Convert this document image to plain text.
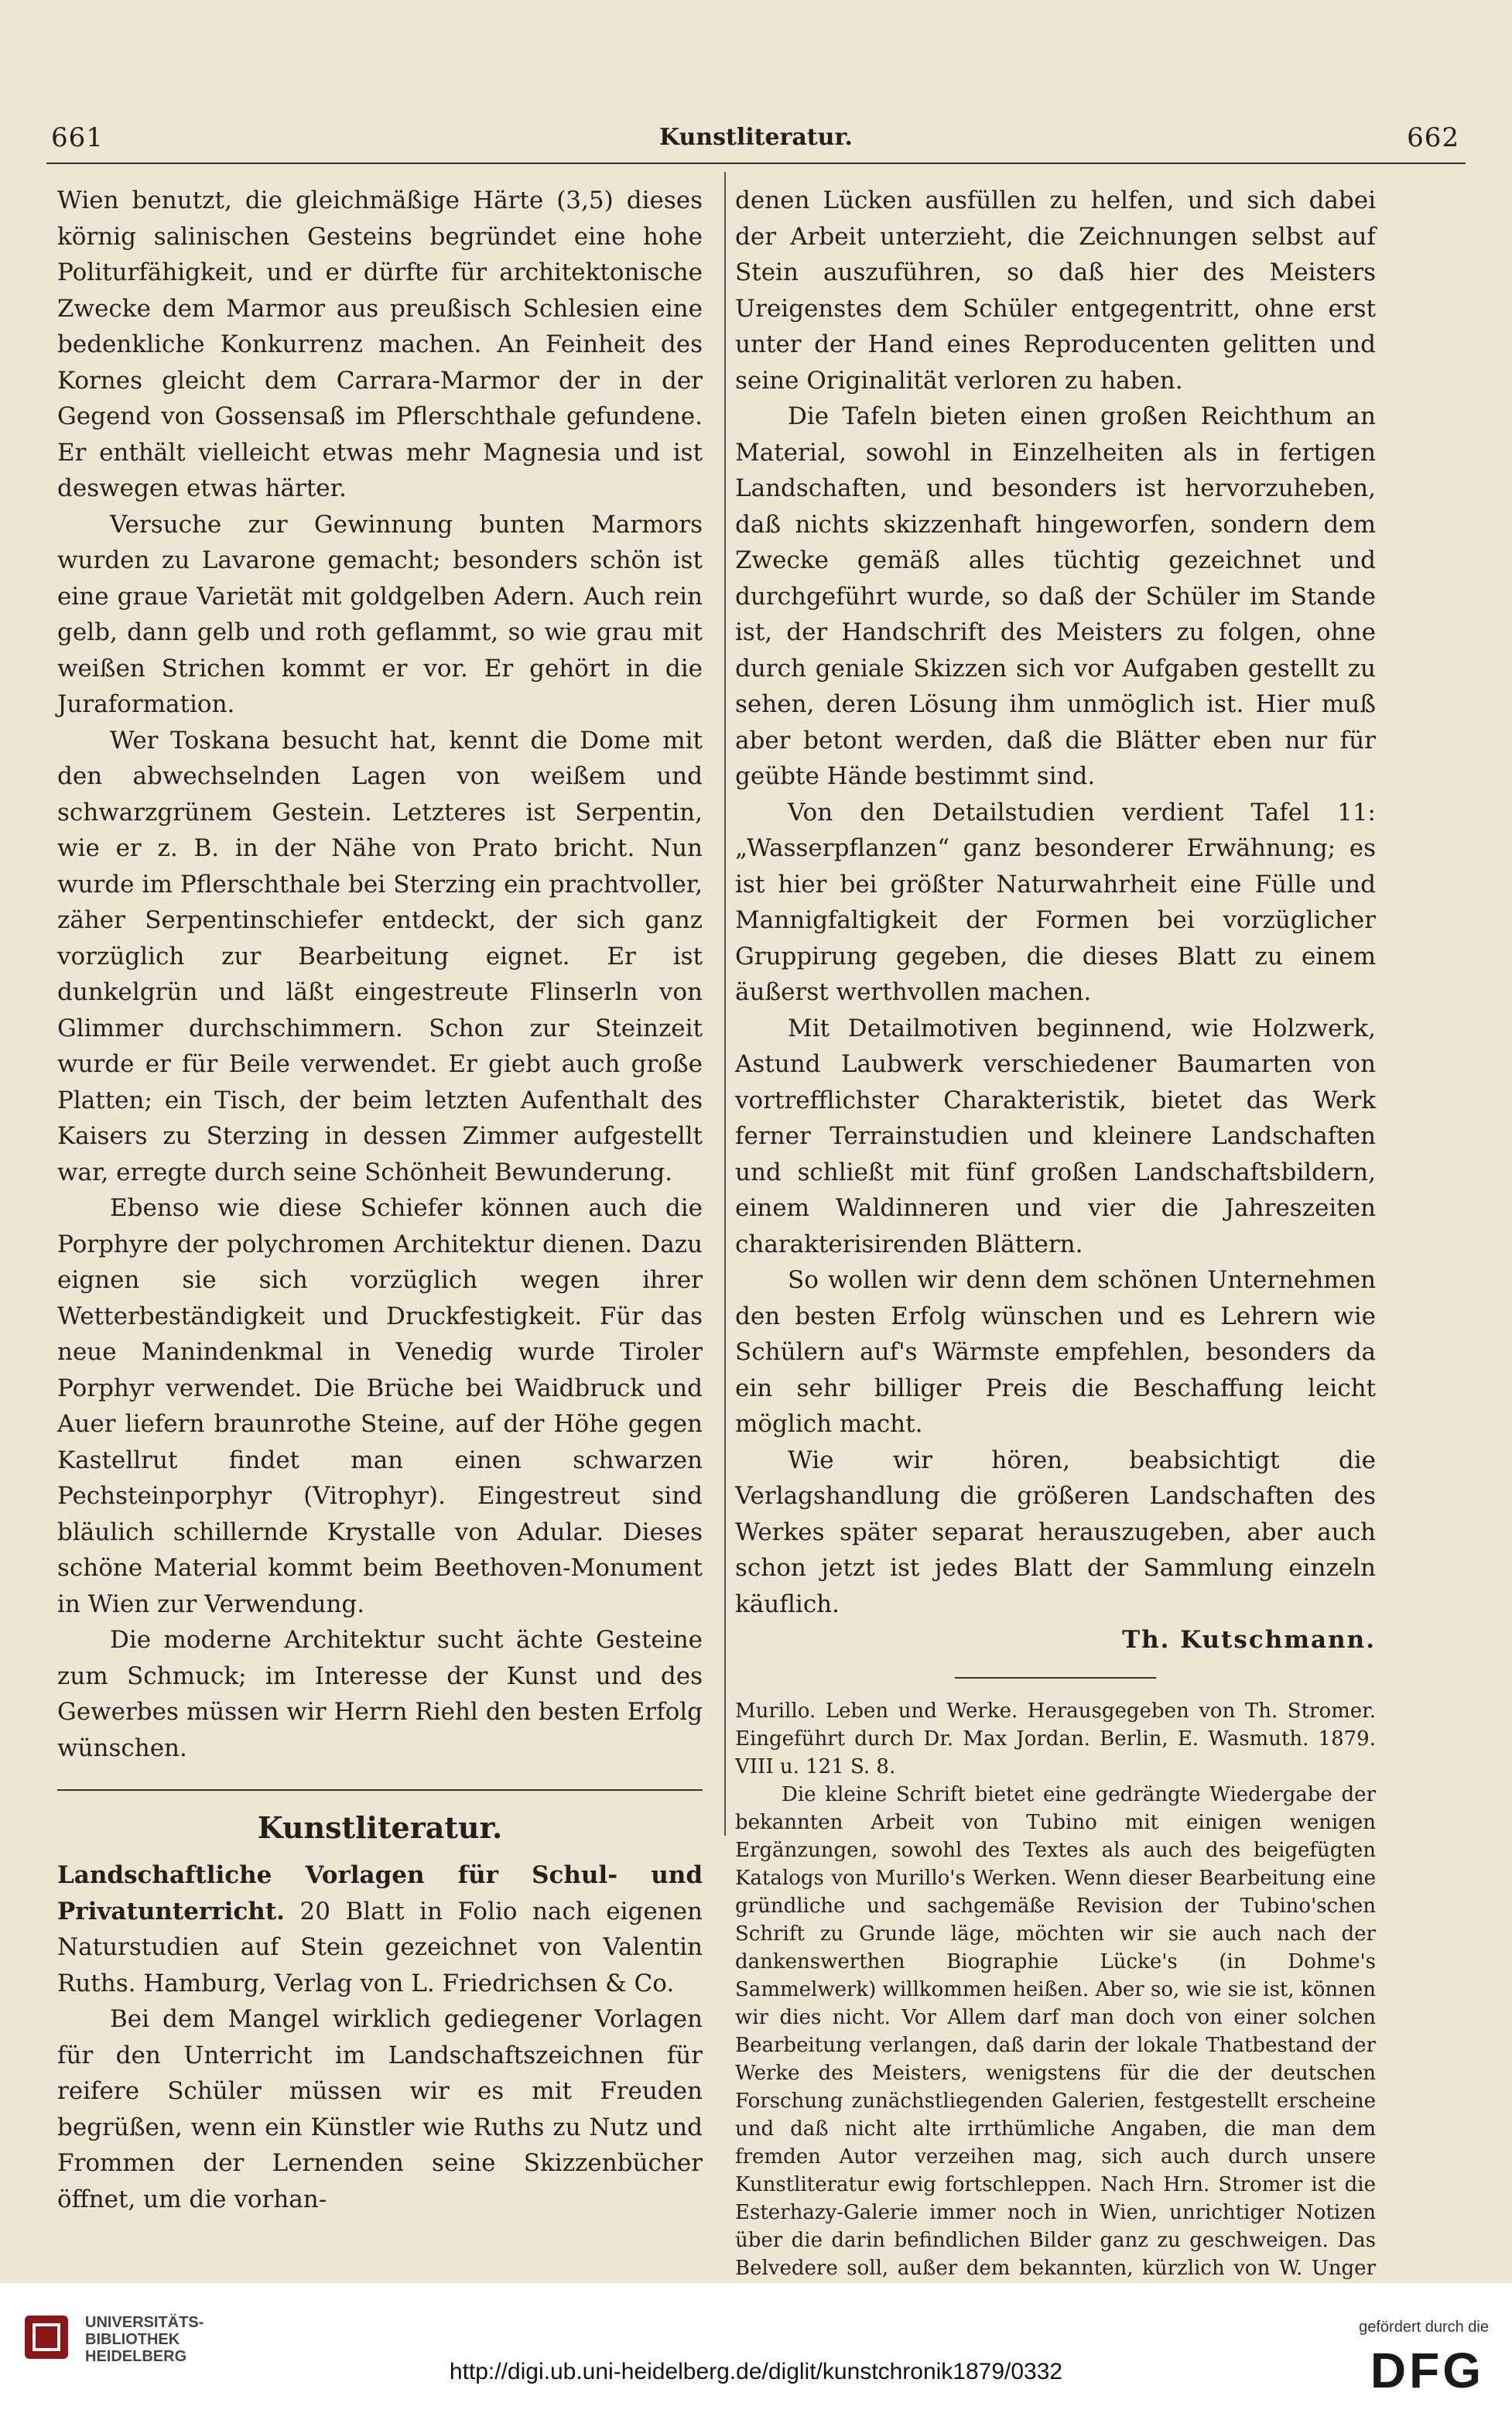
661	Kunstliteratur.	662

Wien benutzt, die gleichmäßige Härte (3,5) dieses körnig salinischen Gesteins begründet eine hohe Politurfähigkeit, und er dürfte für architektonische Zwecke dem Marmor aus preußisch Schlesien eine bedenkliche Konkurrenz machen. An Feinheit des Kornes gleicht dem Carrara-Marmor der in der Gegend von Gossensaß im Pflerschthale gefundene. Er enthält vielleicht etwas mehr Magnesia und ist deswegen etwas härter.

Versuche zur Gewinnung bunten Marmors wurden zu Lavarone gemacht; besonders schön ist eine graue Varietät mit goldgelben Adern. Auch rein gelb, dann gelb und roth geflammt, so wie grau mit weißen Strichen kommt er vor. Er gehört in die Juraformation.

Wer Toskana besucht hat, kennt die Dome mit den abwechselnden Lagen von weißem und schwarzgrünem Gestein. Letzteres ist Serpentin, wie er z. B. in der Nähe von Prato bricht. Nun wurde im Pflerschthale bei Sterzing ein prachtvoller, zäher Serpentinschiefer entdeckt, der sich ganz vorzüglich zur Bearbeitung eignet. Er ist dunkelgrün und läßt eingestreute Flinserln von Glimmer durchschimmern. Schon zur Steinzeit wurde er für Beile verwendet. Er giebt auch große Platten; ein Tisch, der beim letzten Aufenthalt des Kaisers zu Sterzing in dessen Zimmer aufgestellt war, erregte durch seine Schönheit Bewunderung.

Ebenso wie diese Schiefer können auch die Porphyre der polychromen Architektur dienen. Dazu eignen sie sich vorzüglich wegen ihrer Wetterbeständigkeit und Druckfestigkeit. Für das neue Manindenkmal in Venedig wurde Tiroler Porphyr verwendet. Die Brüche bei Waidbruck und Auer liefern braunrothe Steine, auf der Höhe gegen Kastellrut findet man einen schwarzen Pechsteinporphyr (Vitrophyr). Eingestreut sind bläulich schillernde Krystalle von Adular. Dieses schöne Material kommt beim Beethoven-Monument in Wien zur Verwendung.

Die moderne Architektur sucht ächte Gesteine zum Schmuck; im Interesse der Kunst und des Gewerbes müssen wir Herrn Riehl den besten Erfolg wünschen.

Kunstliteratur.

Landschaftliche Vorlagen für Schul- und Privatunterricht. 20 Blatt in Folio nach eigenen Naturstudien auf Stein gezeichnet von Valentin Ruths. Hamburg, Verlag von L. Friedrichsen & Co.

Bei dem Mangel wirklich gediegener Vorlagen für den Unterricht im Landschaftszeichnen für reifere Schüler müssen wir es mit Freuden begrüßen, wenn ein Künstler wie Ruths zu Nutz und Frommen der Lernenden seine Skizzenbücher öffnet, um die vorhan-

denen Lücken ausfüllen zu helfen, und sich dabei der Arbeit unterzieht, die Zeichnungen selbst auf Stein auszuführen, so daß hier des Meisters Ureigenstes dem Schüler entgegentritt, ohne erst unter der Hand eines Reproducenten gelitten und seine Originalität verloren zu haben.

Die Tafeln bieten einen großen Reichthum an Material, sowohl in Einzelheiten als in fertigen Landschaften, und besonders ist hervorzuheben, daß nichts skizzenhaft hingeworfen, sondern dem Zwecke gemäß alles tüchtig gezeichnet und durchgeführt wurde, so daß der Schüler im Stande ist, der Handschrift des Meisters zu folgen, ohne durch geniale Skizzen sich vor Aufgaben gestellt zu sehen, deren Lösung ihm unmöglich ist. Hier muß aber betont werden, daß die Blätter eben nur für geübte Hände bestimmt sind.

Von den Detailstudien verdient Tafel 11: „Wasserpflanzen“ ganz besonderer Erwähnung; es ist hier bei größter Naturwahrheit eine Fülle und Mannigfaltigkeit der Formen bei vorzüglicher Gruppirung gegeben, die dieses Blatt zu einem äußerst werthvollen machen.

Mit Detailmotiven beginnend, wie Holzwerk, Astund Laubwerk verschiedener Baumarten von vortrefflichster Charakteristik, bietet das Werk ferner Terrainstudien und kleinere Landschaften und schließt mit fünf großen Landschaftsbildern, einem Waldinneren und vier die Jahreszeiten charakterisirenden Blättern.

So wollen wir denn dem schönen Unternehmen den besten Erfolg wünschen und es Lehrern wie Schülern auf's Wärmste empfehlen, besonders da ein sehr billiger Preis die Beschaffung leicht möglich macht.

Wie wir hören, beabsichtigt die Verlagshandlung die größeren Landschaften des Werkes später separat herauszugeben, aber auch schon jetzt ist jedes Blatt der Sammlung einzeln käuflich.

Th. Kutschmann.

Murillo. Leben und Werke. Herausgegeben von Th. Stromer. Eingeführt durch Dr. Max Jordan. Berlin, E. Wasmuth. 1879. VIII u. 121 S. 8.

Die kleine Schrift bietet eine gedrängte Wiedergabe der bekannten Arbeit von Tubino mit einigen wenigen Ergänzungen, sowohl des Textes als auch des beigefügten Katalogs von Murillo's Werken. Wenn dieser Bearbeitung eine gründliche und sachgemäße Revision der Tubino'schen Schrift zu Grunde läge, möchten wir sie auch nach der dankenswerthen Biographie Lücke's (in Dohme's Sammelwerk) willkommen heißen. Aber so, wie sie ist, können wir dies nicht. Vor Allem darf man doch von einer solchen Bearbeitung verlangen, daß darin der lokale Thatbestand der Werke des Meisters, wenigstens für die der deutschen Forschung zunächstliegenden Galerien, festgestellt erscheine und daß nicht alte irrthümliche Angaben, die man dem fremden Autor verzeihen mag, sich auch durch unsere Kunstliteratur ewig fortschleppen. Nach Hrn. Stromer ist die Esterhazy-Galerie immer noch in Wien, unrichtiger Notizen über die darin befindlichen Bilder ganz zu geschweigen. Das Belvedere soll, außer dem bekannten, kürzlich von W. Unger

UNIVERSITÄTS-
BIBLIOTHEK
HEIDELBERG
http://digi.ub.uni-heidelberg.de/diglit/kunstchronik1879/0332
gefördert durch die
DFG
